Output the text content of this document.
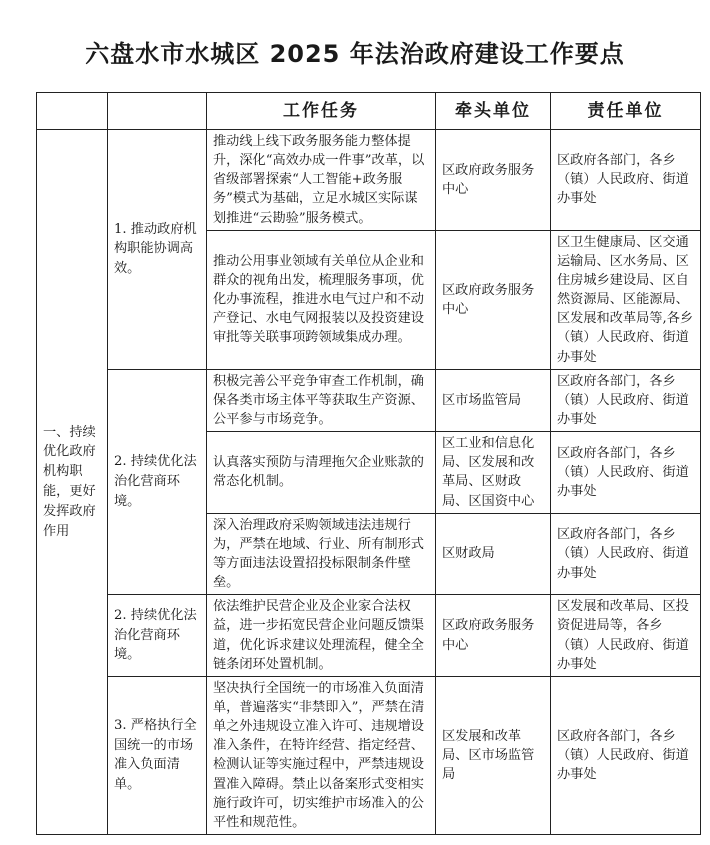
六盘水市水城区 2025 年法治政府建设工作要点
		工作任务	牵头单位	责任单位
一、持续优化政府机构职能，更好发挥政府作用	1. 推动政府机构职能协调高效。	推动线上线下政务服务能力整体提升，深化“高效办成一件事”改革，以省级部署探索“人工智能+政务服务”模式为基础，立足水城区实际谋划推进“云勘验”服务模式。	区政府政务服务中心	区政府各部门，各乡（镇）人民政府、街道办事处
		推动公用事业领域有关单位从企业和群众的视角出发，梳理服务事项，优化办事流程，推进水电气过户和不动产登记、水电气网报装以及投资建设审批等关联事项跨领域集成办理。	区政府政务服务中心	区卫生健康局、区交通运输局、区水务局、区住房城乡建设局、区自然资源局、区能源局、区发展和改革局等,各乡（镇）人民政府、街道办事处
	2. 持续优化法治化营商环境。	积极完善公平竞争审查工作机制，确保各类市场主体平等获取生产资源、公平参与市场竞争。	区市场监管局	区政府各部门，各乡（镇）人民政府、街道办事处
		认真落实预防与清理拖欠企业账款的常态化机制。	区工业和信息化局、区发展和改革局、区财政局、区国资中心	区政府各部门，各乡（镇）人民政府、街道办事处
		深入治理政府采购领域违法违规行为，严禁在地域、行业、所有制形式等方面违法设置招投标限制条件壁垒。	区财政局	区政府各部门，各乡（镇）人民政府、街道办事处
	2. 持续优化法治化营商环境。	依法维护民营企业及企业家合法权益，进一步拓宽民营企业问题反馈渠道，优化诉求建议处理流程，健全全链条闭环处置机制。	区政府政务服务中心	区发展和改革局、区投资促进局等，各乡（镇）人民政府、街道办事处
	3. 严格执行全国统一的市场准入负面清单。	坚决执行全国统一的市场准入负面清单，普遍落实“非禁即入”，严禁在清单之外违规设立准入许可、违规增设准入条件，在特许经营、指定经营、检测认证等实施过程中，严禁违规设置准入障碍。禁止以备案形式变相实施行政许可，切实维护市场准入的公平性和规范性。	区发展和改革局、区市场监管局	区政府各部门，各乡（镇）人民政府、街道办事处
